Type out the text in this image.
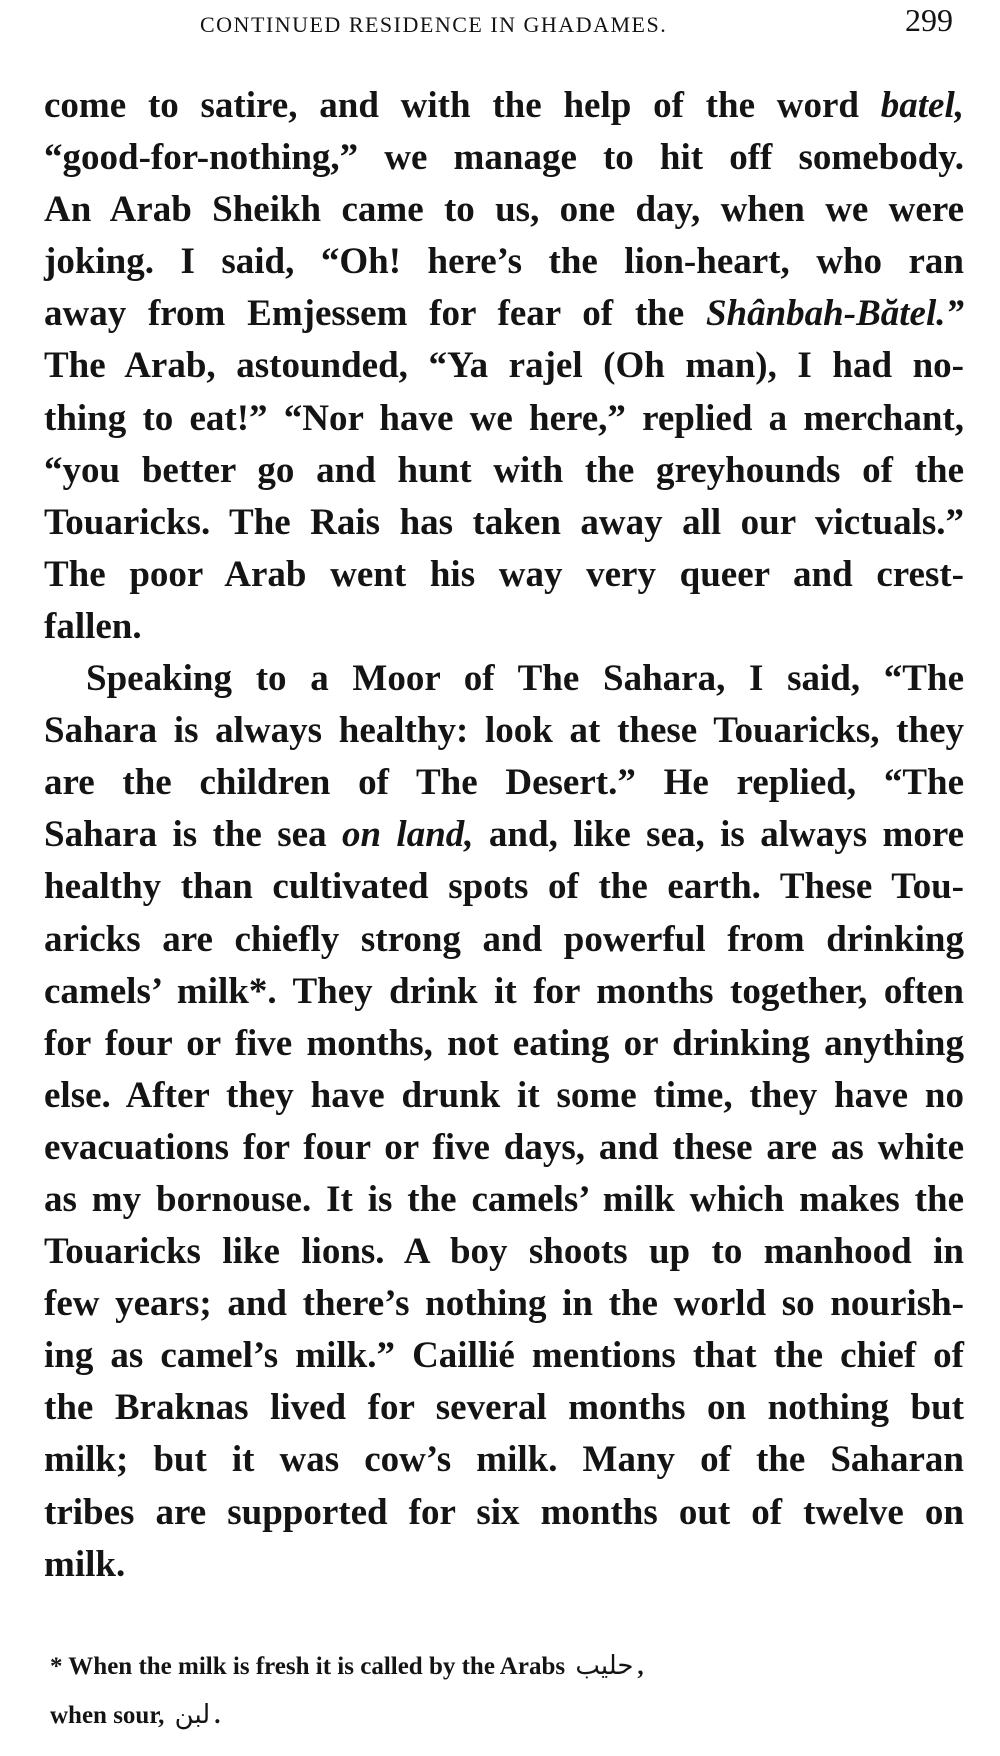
CONTINUED RESIDENCE IN GHADAMES.	299
come to satire, and with the help of the word batel,
“good-for-nothing,” we manage to hit off somebody.
An Arab Sheikh came to us, one day, when we were
joking. I said, “Oh! here’s the lion-heart, who ran
away from Emjessem for fear of the Shânbah-Bătel.”
The Arab, astounded, “Ya rajel (Oh man), I had no-
thing to eat!” “Nor have we here,” replied a merchant,
“you better go and hunt with the greyhounds of the
Touaricks. The Rais has taken away all our victuals.”
The poor Arab went his way very queer and crest-
fallen.
Speaking to a Moor of The Sahara, I said, “The
Sahara is always healthy: look at these Touaricks, they
are the children of The Desert.” He replied, “The
Sahara is the sea on land, and, like sea, is always more
healthy than cultivated spots of the earth. These Tou-
aricks are chiefly strong and powerful from drinking
camels’ milk*. They drink it for months together, often
for four or five months, not eating or drinking anything
else. After they have drunk it some time, they have no
evacuations for four or five days, and these are as white
as my bornouse. It is the camels’ milk which makes the
Touaricks like lions. A boy shoots up to manhood in
few years; and there’s nothing in the world so nourish-
ing as camel’s milk.” Caillié mentions that the chief of
the Braknas lived for several months on nothing but
milk; but it was cow’s milk. Many of the Saharan
tribes are supported for six months out of twelve on
milk.
* When the milk is fresh it is called by the Arabs حليب ,
when sour, لبن .
